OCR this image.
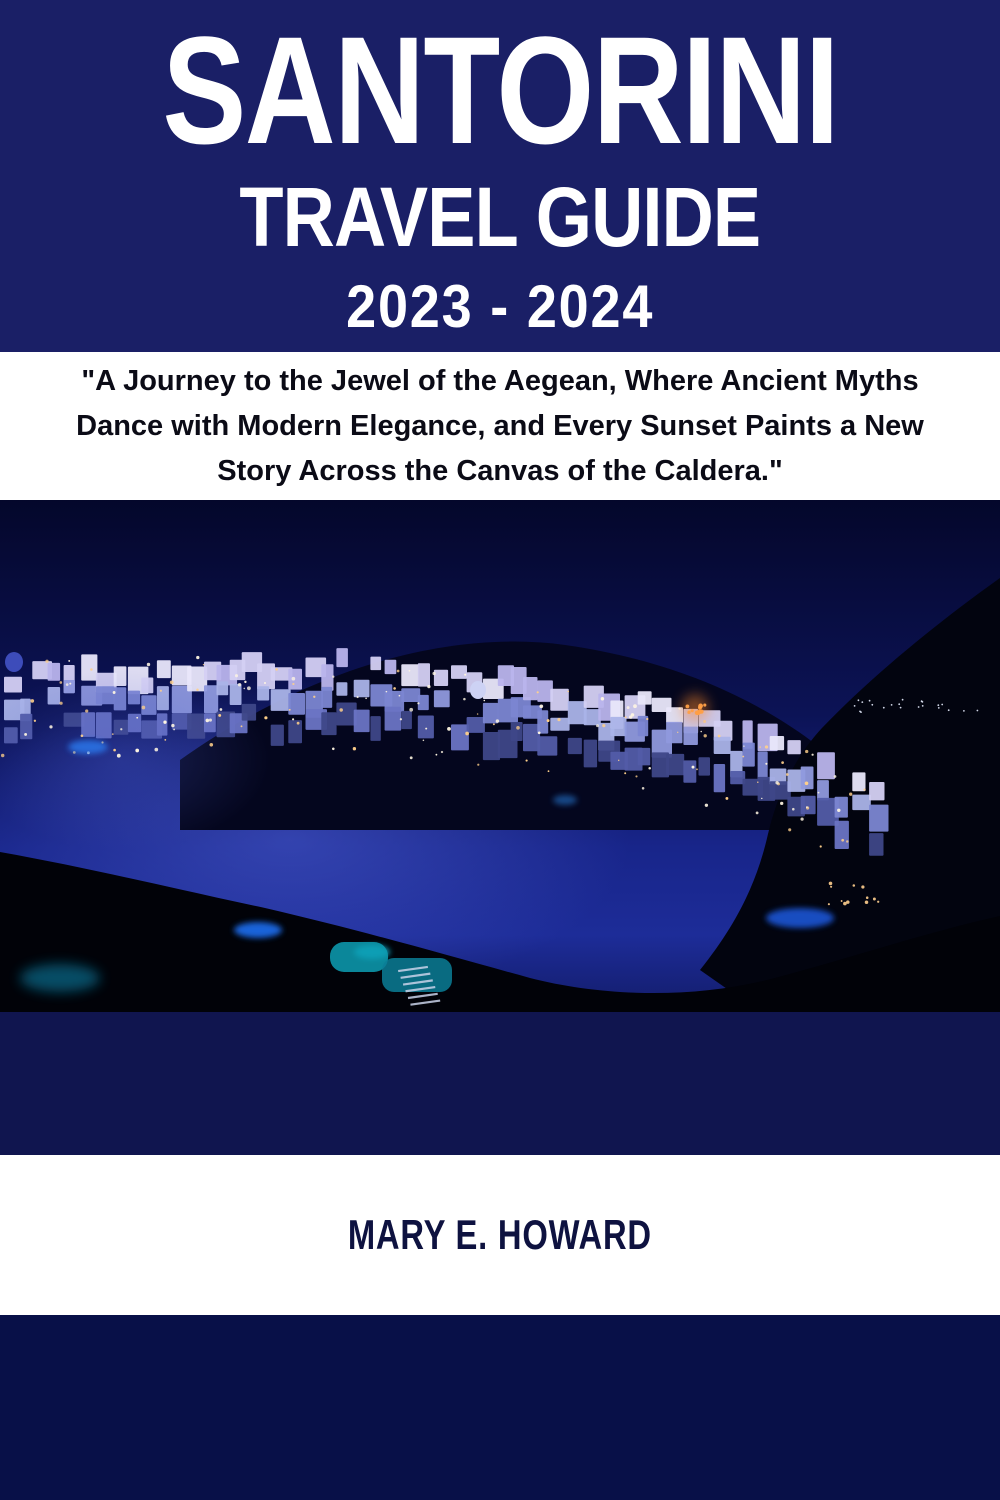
SANTORINI
TRAVEL GUIDE
2023 - 2024
"A Journey to the Jewel of the Aegean, Where Ancient Myths
Dance with Modern Elegance, and Every Sunset Paints a New
Story Across the Canvas of the Caldera."
MARY E. HOWARD
